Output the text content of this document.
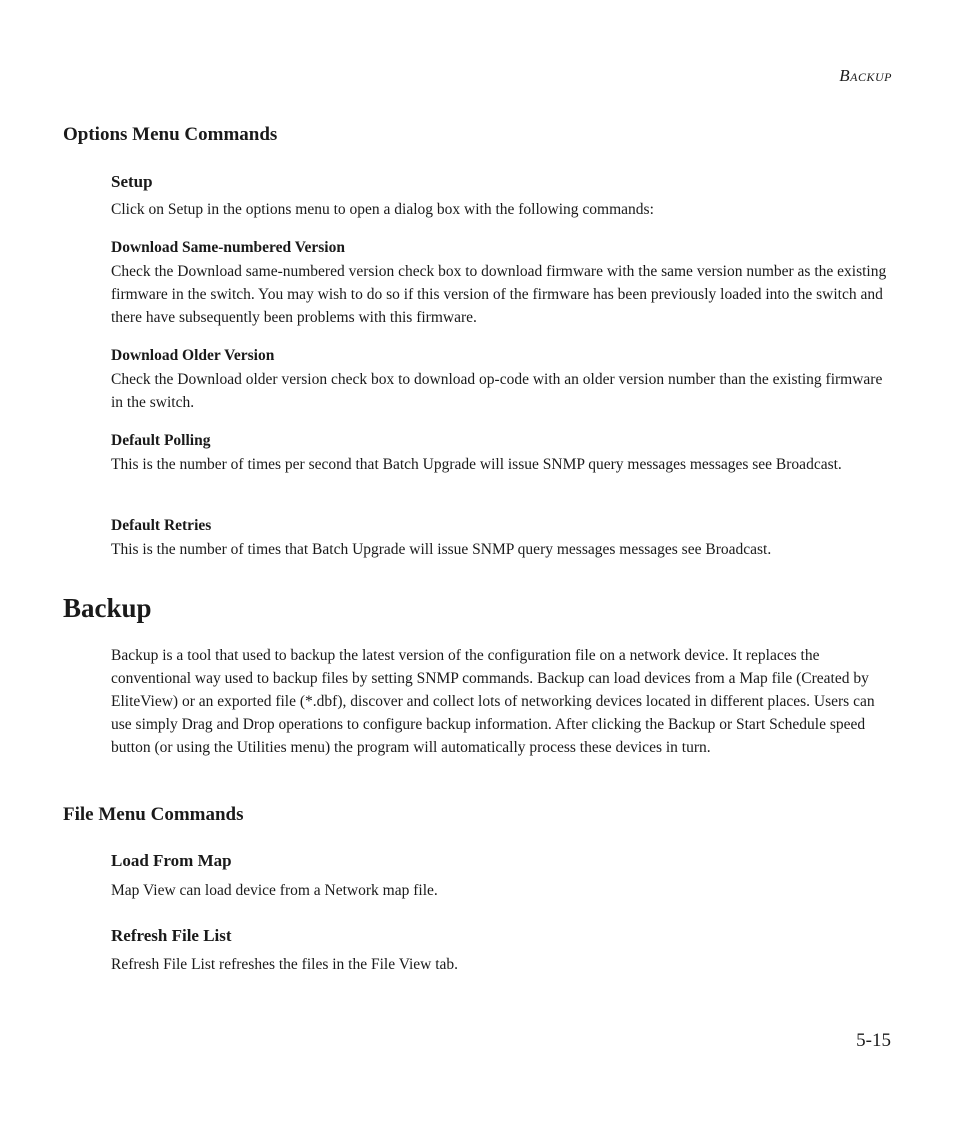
BACKUP
Options Menu Commands
Setup

Click on Setup in the options menu to open a dialog box with the following commands:

Download Same-numbered Version

Check the Download same-numbered version check box to download firmware with the same version number as the existing firmware in the switch. You may wish to do so if this version of the firmware has been previously loaded into the switch and there have subsequently been problems with this firmware.

Download Older Version

Check the Download older version check box to download op-code with an older version number than the existing firmware in the switch.

Default Polling

This is the number of times per second that Batch Upgrade will issue SNMP query messages messages see Broadcast.

Default Retries

This is the number of times that Batch Upgrade will issue SNMP query messages messages see Broadcast.

Backup

Backup is a tool that used to backup the latest version of the configuration file on a network device. It replaces the conventional way used to backup files by setting SNMP commands. Backup can load devices from a Map file (Created by EliteView) or an exported file (*.dbf), discover and collect lots of networking devices located in different places. Users can use simply Drag and Drop operations to configure backup information. After clicking the Backup or Start Schedule speed button (or using the Utilities menu) the program will automatically process these devices in turn.

File Menu Commands
Load From Map

Map View can load device from a Network map file.

Refresh File List

Refresh File List refreshes the files in the File View tab.

5-15
